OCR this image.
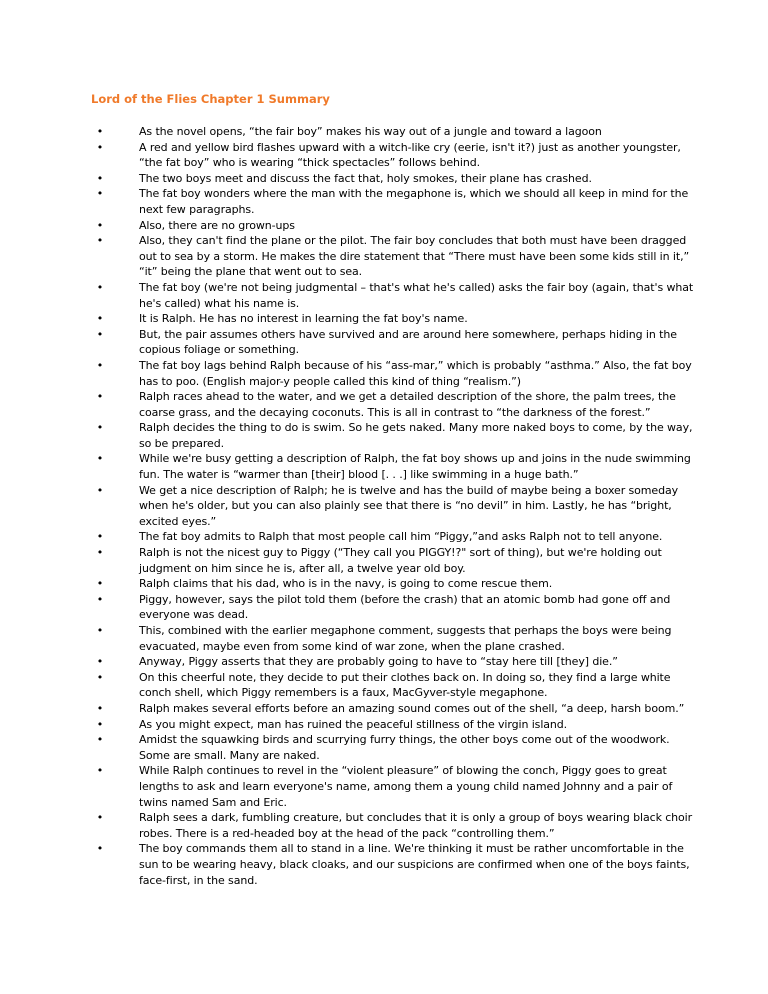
Lord of the Flies Chapter 1 Summary
•	As the novel opens, “the fair boy” makes his way out of a jungle and toward a lagoon
•	A red and yellow bird flashes upward with a witch-like cry (eerie, isn't it?) just as another youngster, “the fat boy” who is wearing “thick spectacles” follows behind.
•	The two boys meet and discuss the fact that, holy smokes, their plane has crashed.
•	The fat boy wonders where the man with the megaphone is, which we should all keep in mind for the next few paragraphs.
•	Also, there are no grown-ups
•	Also, they can't find the plane or the pilot. The fair boy concludes that both must have been dragged out to sea by a storm. He makes the dire statement that “There must have been some kids still in it,” “it” being the plane that went out to sea.
•	The fat boy (we're not being judgmental – that's what he's called) asks the fair boy (again, that's what he's called) what his name is.
•	It is Ralph. He has no interest in learning the fat boy's name.
•	But, the pair assumes others have survived and are around here somewhere, perhaps hiding in the copious foliage or something.
•	The fat boy lags behind Ralph because of his “ass-mar,” which is probably “asthma.” Also, the fat boy has to poo. (English major-y people called this kind of thing “realism.”)
•	Ralph races ahead to the water, and we get a detailed description of the shore, the palm trees, the coarse grass, and the decaying coconuts. This is all in contrast to “the darkness of the forest.”
•	Ralph decides the thing to do is swim. So he gets naked. Many more naked boys to come, by the way, so be prepared.
•	While we're busy getting a description of Ralph, the fat boy shows up and joins in the nude swimming fun. The water is “warmer than [their] blood [. . .] like swimming in a huge bath.”
•	We get a nice description of Ralph; he is twelve and has the build of maybe being a boxer someday when he's older, but you can also plainly see that there is “no devil” in him. Lastly, he has “bright, excited eyes.”
•	The fat boy admits to Ralph that most people call him “Piggy,”and asks Ralph not to tell anyone.
•	Ralph is not the nicest guy to Piggy (“They call you PIGGY!?" sort of thing), but we're holding out judgment on him since he is, after all, a twelve year old boy.
•	Ralph claims that his dad, who is in the navy, is going to come rescue them.
•	Piggy, however, says the pilot told them (before the crash) that an atomic bomb had gone off and everyone was dead.
•	This, combined with the earlier megaphone comment, suggests that perhaps the boys were being evacuated, maybe even from some kind of war zone, when the plane crashed.
•	Anyway, Piggy asserts that they are probably going to have to “stay here till [they] die.”
•	On this cheerful note, they decide to put their clothes back on. In doing so, they find a large white conch shell, which Piggy remembers is a faux, MacGyver-style megaphone.
•	Ralph makes several efforts before an amazing sound comes out of the shell, “a deep, harsh boom.”
•	As you might expect, man has ruined the peaceful stillness of the virgin island.
•	Amidst the squawking birds and scurrying furry things, the other boys come out of the woodwork. Some are small. Many are naked.
•	While Ralph continues to revel in the “violent pleasure” of blowing the conch, Piggy goes to great lengths to ask and learn everyone's name, among them a young child named Johnny and a pair of twins named Sam and Eric.
•	Ralph sees a dark, fumbling creature, but concludes that it is only a group of boys wearing black choir robes. There is a red-headed boy at the head of the pack “controlling them.”
•	The boy commands them all to stand in a line. We're thinking it must be rather uncomfortable in the sun to be wearing heavy, black cloaks, and our suspicions are confirmed when one of the boys faints, face-first, in the sand.
